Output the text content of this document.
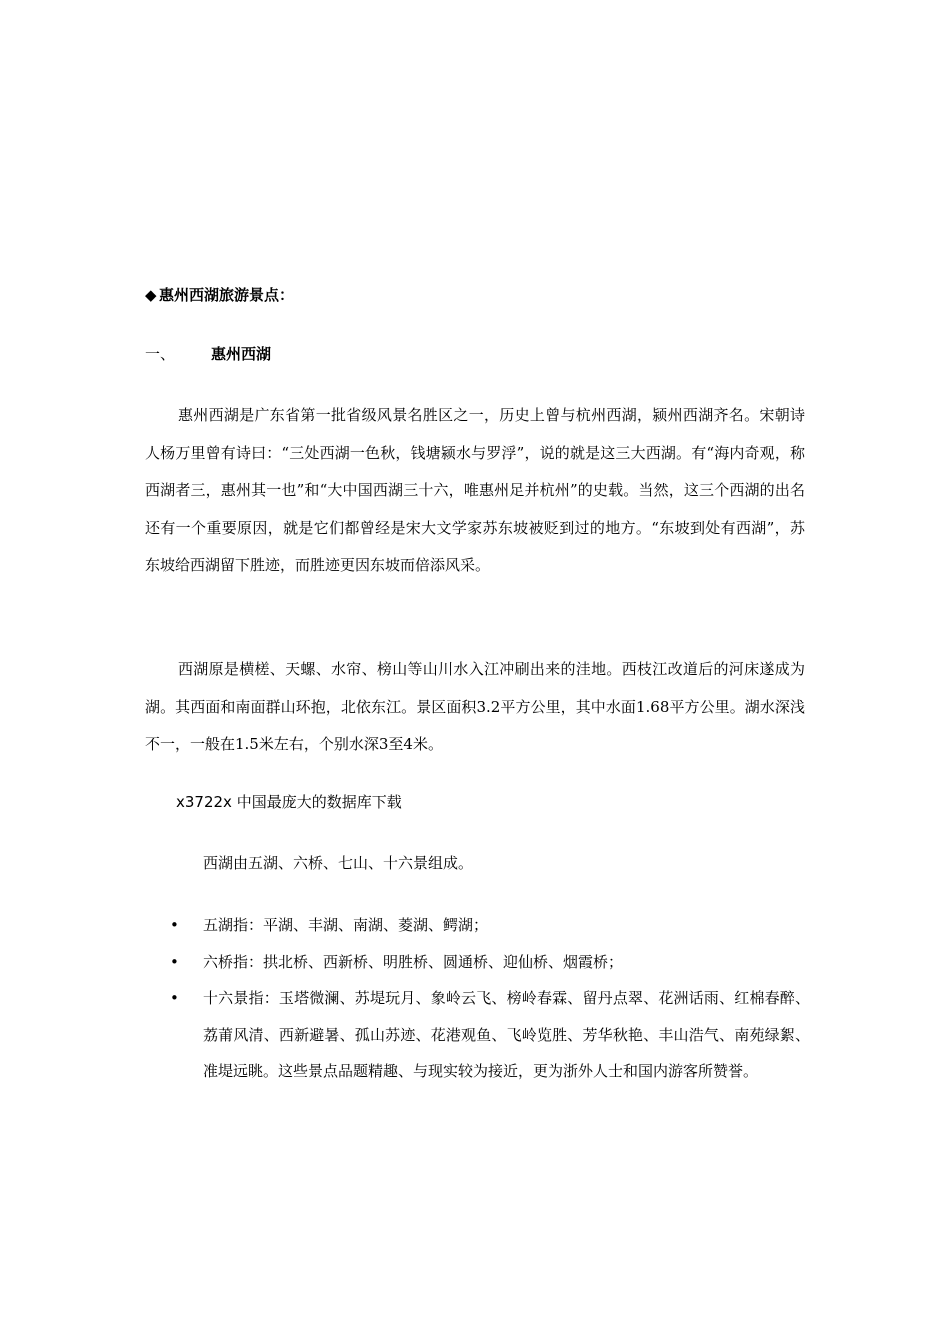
◆ 惠州西湖旅游景点：
一、 惠州西湖

惠州西湖是广东省第一批省级风景名胜区之一，历史上曾与杭州西湖，颍州西湖齐名。宋朝诗人杨万里曾有诗曰：“三处西湖一色秋，钱塘颍水与罗浮”，说的就是这三大西湖。有“海内奇观，称西湖者三，惠州其一也”和“大中国西湖三十六，唯惠州足并杭州”的史载。当然，这三个西湖的出名还有一个重要原因，就是它们都曾经是宋大文学家苏东坡被贬到过的地方。“东坡到处有西湖”，苏东坡给西湖留下胜迹，而胜迹更因东坡而倍添风采。

西湖原是横槎、天螺、水帘、榜山等山川水入江冲刷出来的洼地。西枝江改道后的河床遂成为湖。其西面和南面群山环抱，北依东江。景区面积3.2平方公里，其中水面1.68平方公里。湖水深浅不一，一般在1.5米左右，个别水深3至4米。

x3722x 中国最庞大的数据库下载
西湖由五湖、六桥、七山、十六景组成。
• 五湖指：平湖、丰湖、南湖、菱湖、鳄湖；
• 六桥指：拱北桥、西新桥、明胜桥、圆通桥、迎仙桥、烟霞桥；
• 十六景指：玉塔微澜、苏堤玩月、象岭云飞、榜岭春霖、留丹点翠、花洲话雨、红棉春醉、荔莆风清、西新避暑、孤山苏迹、花港观鱼、飞岭览胜、芳华秋艳、丰山浩气、南苑绿絮、准堤远眺。这些景点品题精趣、与现实较为接近，更为浙外人士和国内游客所赞誉。
